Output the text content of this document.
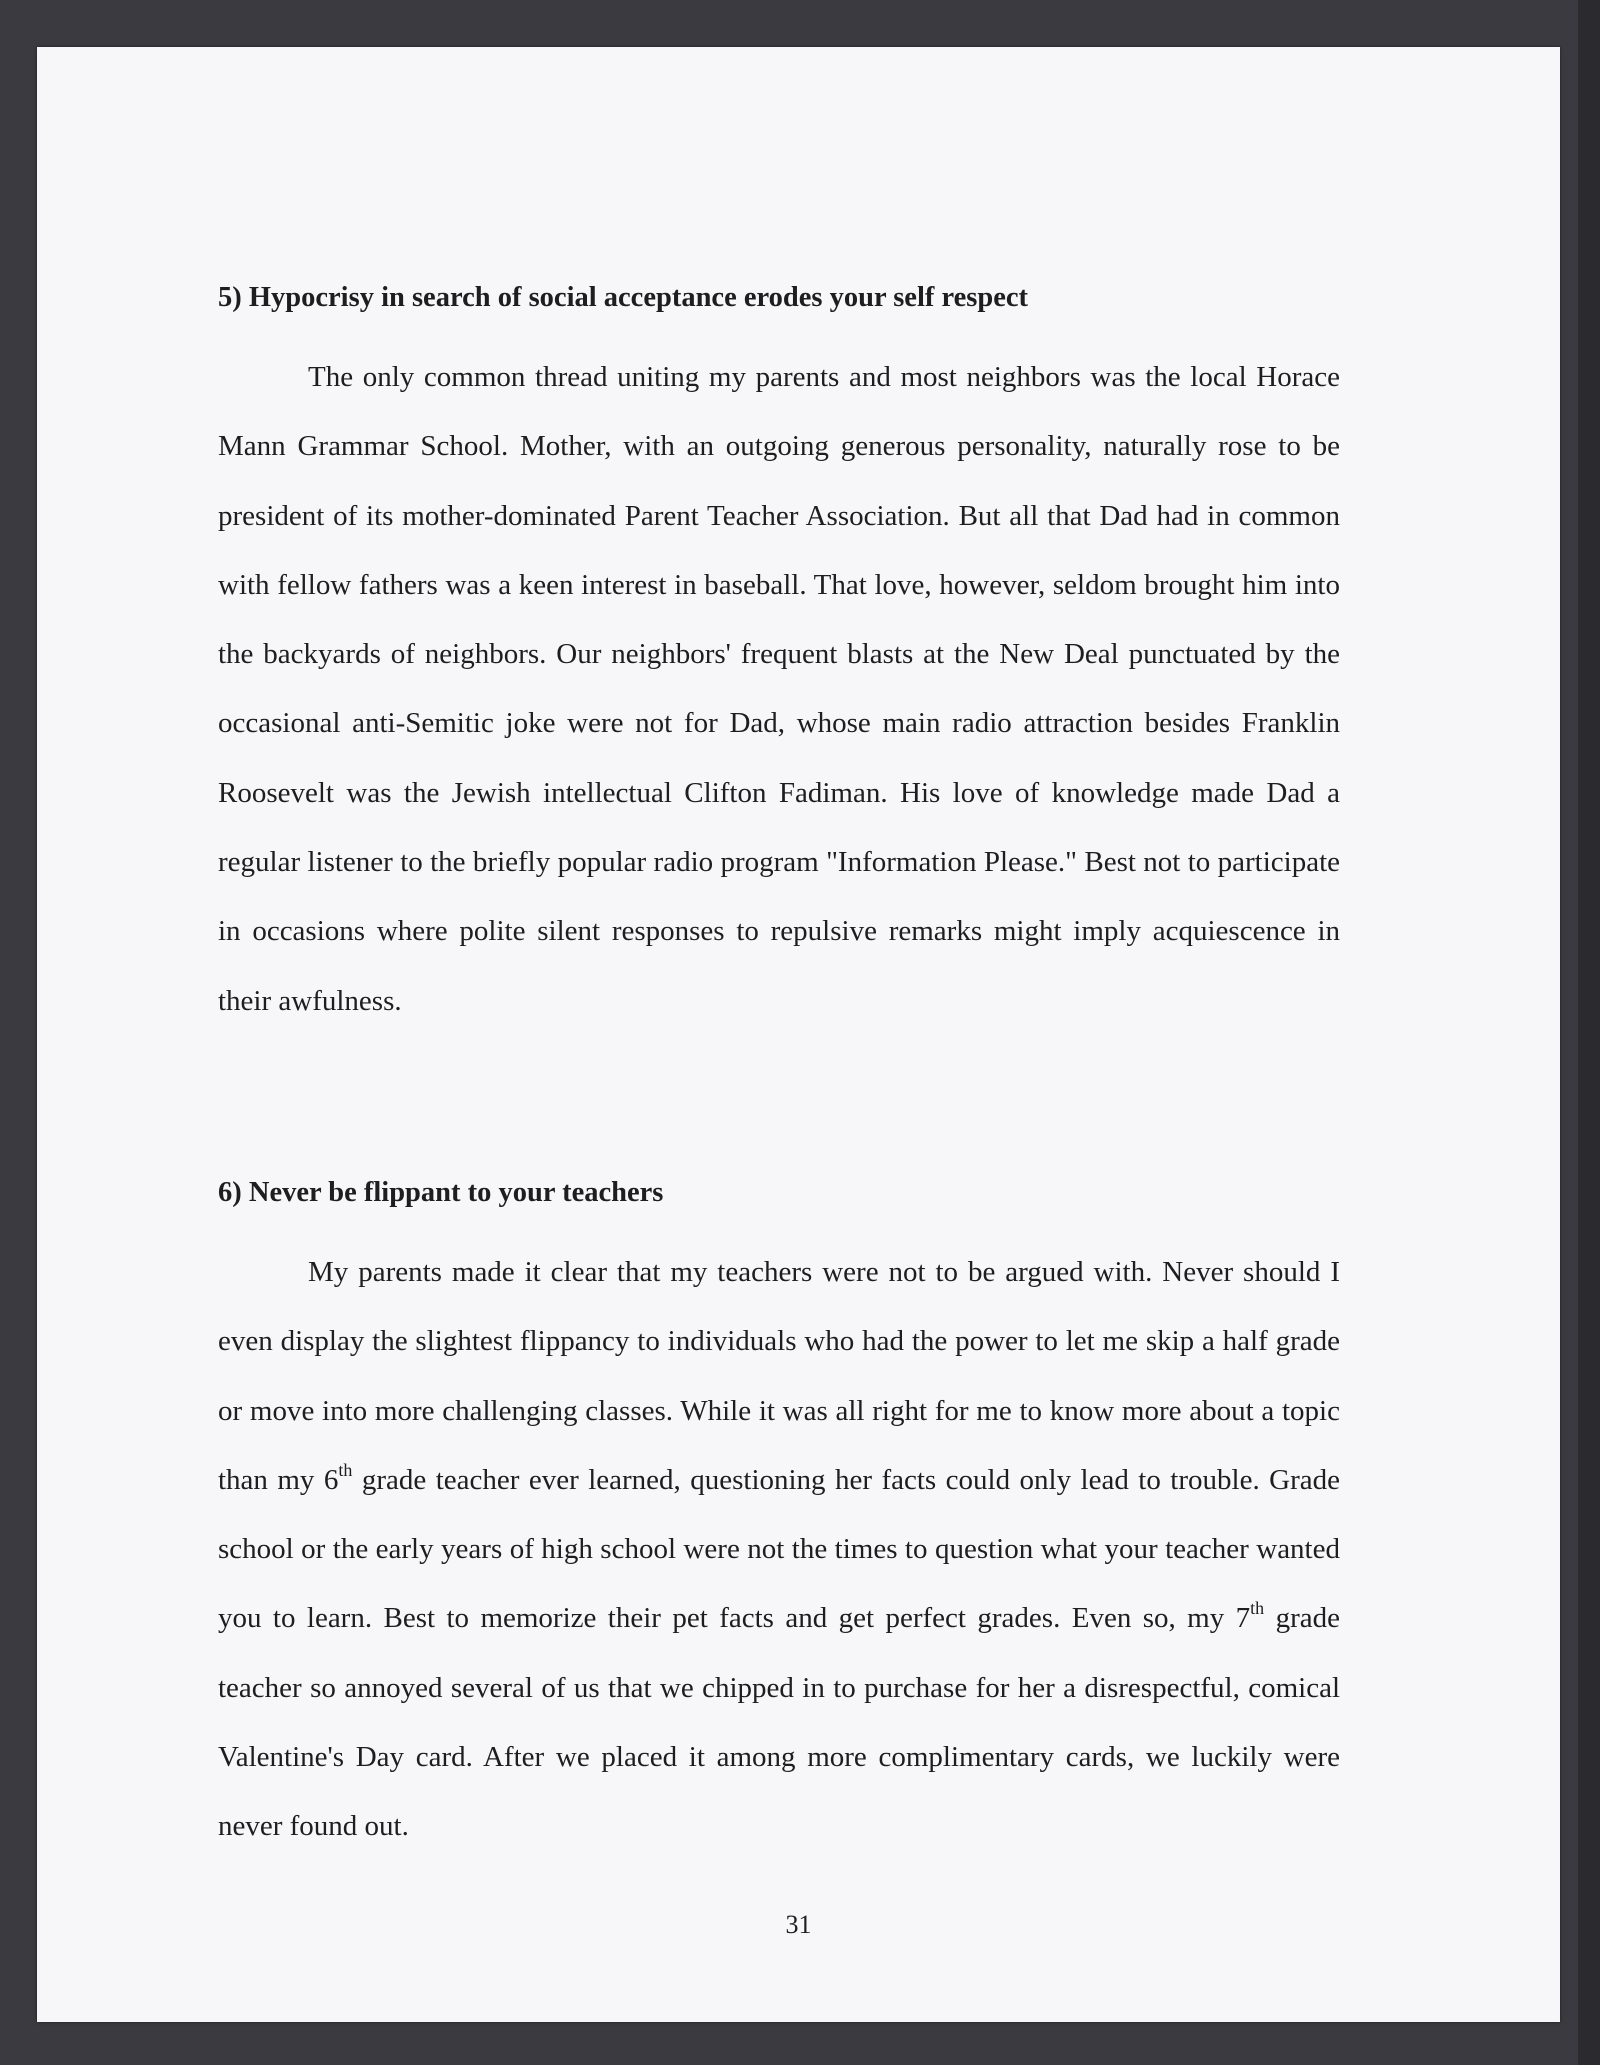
5) Hypocrisy in search of social acceptance erodes your self respect

The only common thread uniting my parents and most neighbors was the local Horace Mann Grammar School. Mother, with an outgoing generous personality, naturally rose to be president of its mother-dominated Parent Teacher Association. But all that Dad had in common with fellow fathers was a keen interest in baseball. That love, however, seldom brought him into the backyards of neighbors. Our neighbors' frequent blasts at the New Deal punctuated by the occasional anti-Semitic joke were not for Dad, whose main radio attraction besides Franklin Roosevelt was the Jewish intellectual Clifton Fadiman. His love of knowledge made Dad a regular listener to the briefly popular radio program "Information Please." Best not to participate in occasions where polite silent responses to repulsive remarks might imply acquiescence in their awfulness.

6) Never be flippant to your teachers

My parents made it clear that my teachers were not to be argued with. Never should I even display the slightest flippancy to individuals who had the power to let me skip a half grade or move into more challenging classes. While it was all right for me to know more about a topic than my 6th grade teacher ever learned, questioning her facts could only lead to trouble. Grade school or the early years of high school were not the times to question what your teacher wanted you to learn. Best to memorize their pet facts and get perfect grades. Even so, my 7th grade teacher so annoyed several of us that we chipped in to purchase for her a disrespectful, comical Valentine's Day card. After we placed it among more complimentary cards, we luckily were never found out.

31
